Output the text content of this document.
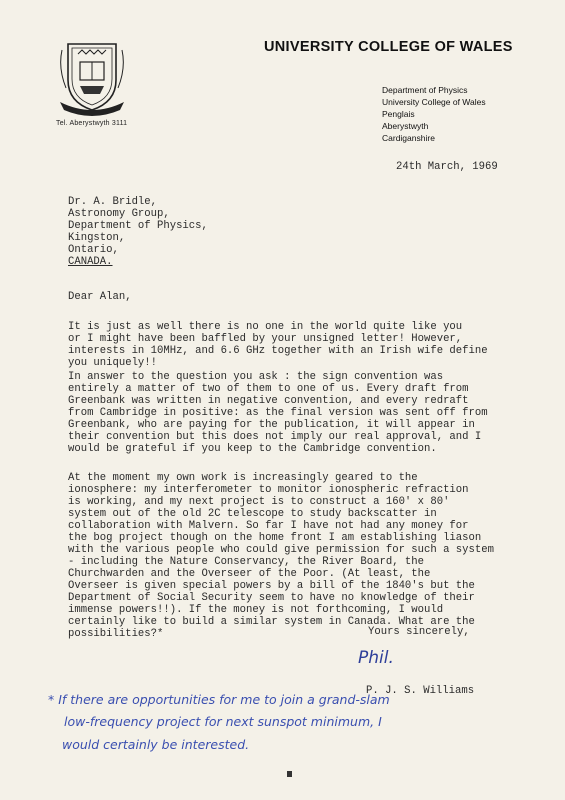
Tel. Aberystwyth 3111
UNIVERSITY COLLEGE OF WALES
Department of Physics
University College of Wales
Penglais
Aberystwyth
Cardiganshire
24th March, 1969
Dr. A. Bridle,
Astronomy Group,
Department of Physics,
Kingston,
Ontario,
CANADA.
Dear Alan,
It is just as well there is no one in the world quite like you
or I might have been baffled by your unsigned letter! However,
interests in 10MHz, and 6.6 GHz together with an Irish wife define
you uniquely!!
In answer to the question you ask : the sign convention was
entirely a matter of two of them to one of us. Every draft from
Greenbank was written in negative convention, and every redraft
from Cambridge in positive: as the final version was sent off from
Greenbank, who are paying for the publication, it will appear in
their convention but this does not imply our real approval, and I
would be grateful if you keep to the Cambridge convention.
At the moment my own work is increasingly geared to the
ionosphere: my interferometer to monitor ionospheric refraction
is working, and my next project is to construct a 160' x 80'
system out of the old 2C telescope to study backscatter in
collaboration with Malvern. So far I have not had any money for
the bog project though on the home front I am establishing liason
with the various people who could give permission for such a system
- including the Nature Conservancy, the River Board, the
Churchwarden and the Overseer of the Poor. (At least, the
Overseer is given special powers by a bill of the 1840's but the
Department of Social Security seem to have no knowledge of their
immense powers!!). If the money is not forthcoming, I would
certainly like to build a similar system in Canada. What are the
possibilities?*	Yours sincerely,
Phil.
P. J. S. Williams
* If there are opportunities for me to join a grand-slam
low-frequency project for next sunspot minimum, I
would certainly be interested.
